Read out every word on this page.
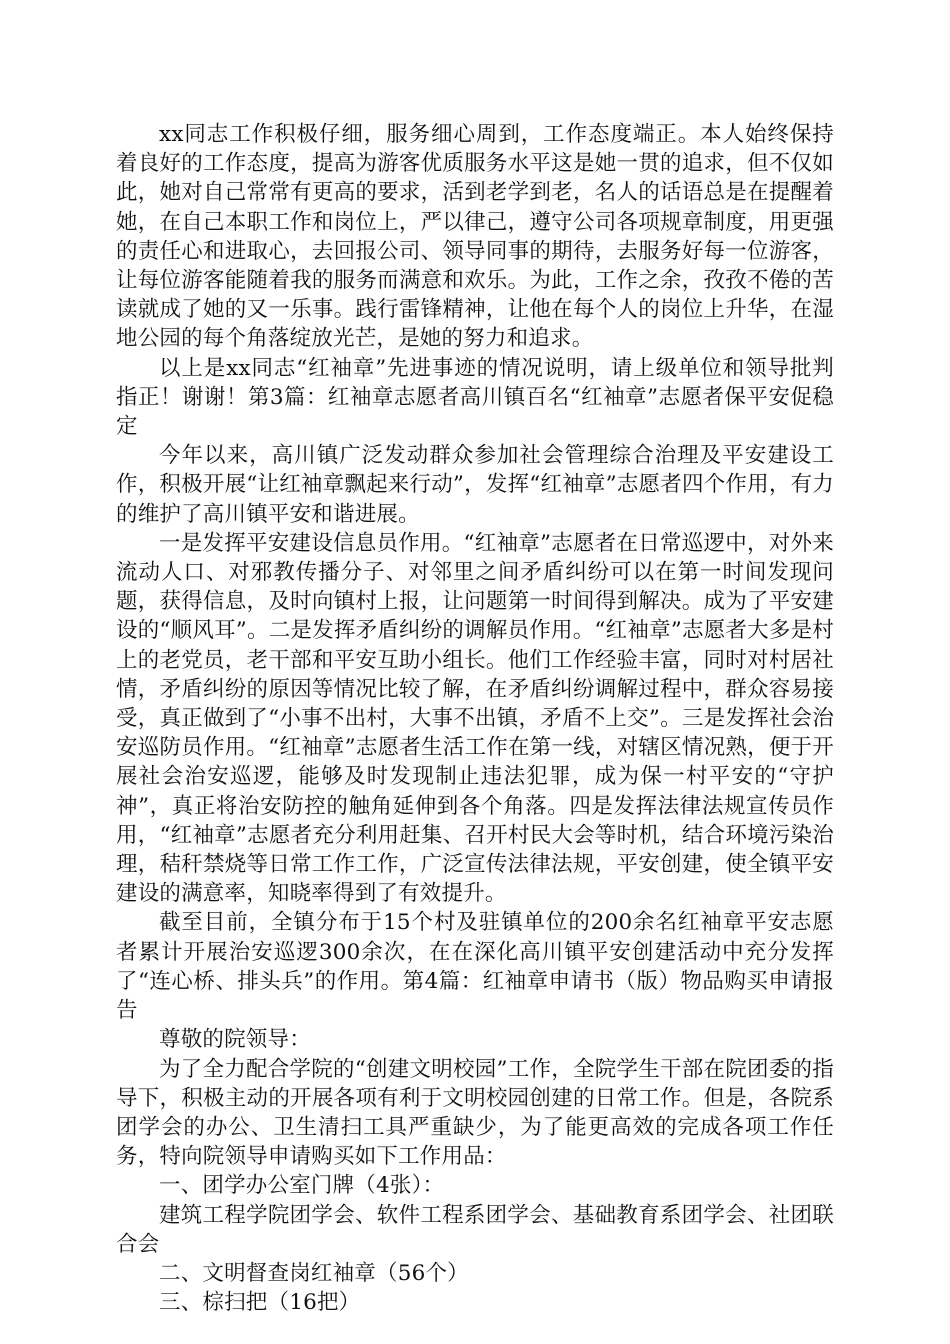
xx同志工作积极仔细，服务细心周到，工作态度端正。本人始终保持着良好的工作态度，提高为游客优质服务水平这是她一贯的追求，但不仅如此，她对自己常常有更高的要求，活到老学到老，名人的话语总是在提醒着她，在自己本职工作和岗位上，严以律己，遵守公司各项规章制度，用更强的责任心和进取心，去回报公司、领导同事的期待，去服务好每一位游客，让每位游客能随着我的服务而满意和欢乐。为此，工作之余，孜孜不倦的苦读就成了她的又一乐事。践行雷锋精神，让他在每个人的岗位上升华，在湿地公园的每个角落绽放光芒，是她的努力和追求。

以上是xx同志“红袖章”先进事迹的情况说明，请上级单位和领导批判指正！谢谢！第3篇：红袖章志愿者高川镇百名“红袖章”志愿者保平安促稳定

今年以来，高川镇广泛发动群众参加社会管理综合治理及平安建设工作，积极开展“让红袖章飘起来行动”，发挥“红袖章”志愿者四个作用，有力的维护了高川镇平安和谐进展。

一是发挥平安建设信息员作用。“红袖章”志愿者在日常巡逻中，对外来流动人口、对邪教传播分子、对邻里之间矛盾纠纷可以在第一时间发现问题，获得信息，及时向镇村上报，让问题第一时间得到解决。成为了平安建设的“顺风耳”。二是发挥矛盾纠纷的调解员作用。“红袖章”志愿者大多是村上的老党员，老干部和平安互助小组长。他们工作经验丰富，同时对村居社情，矛盾纠纷的原因等情况比较了解，在矛盾纠纷调解过程中，群众容易接受，真正做到了“小事不出村，大事不出镇，矛盾不上交”。三是发挥社会治安巡防员作用。“红袖章”志愿者生活工作在第一线，对辖区情况熟，便于开展社会治安巡逻，能够及时发现制止违法犯罪，成为保一村平安的“守护神”，真正将治安防控的触角延伸到各个角落。四是发挥法律法规宣传员作用，“红袖章”志愿者充分利用赶集、召开村民大会等时机，结合环境污染治理，秸秆禁烧等日常工作工作，广泛宣传法律法规，平安创建，使全镇平安建设的满意率，知晓率得到了有效提升。

截至目前，全镇分布于15个村及驻镇单位的200余名红袖章平安志愿者累计开展治安巡逻300余次，在在深化高川镇平安创建活动中充分发挥了“连心桥、排头兵”的作用。第4篇：红袖章申请书（版）物品购买申请报告

尊敬的院领导：

为了全力配合学院的“创建文明校园”工作，全院学生干部在院团委的指导下，积极主动的开展各项有利于文明校园创建的日常工作。但是，各院系团学会的办公、卫生清扫工具严重缺少，为了能更高效的完成各项工作任务，特向院领导申请购买如下工作用品：

一、团学办公室门牌（4张）：

建筑工程学院团学会、软件工程系团学会、基础教育系团学会、社团联合会

二、文明督查岗红袖章（56个）

三、棕扫把（16把）
